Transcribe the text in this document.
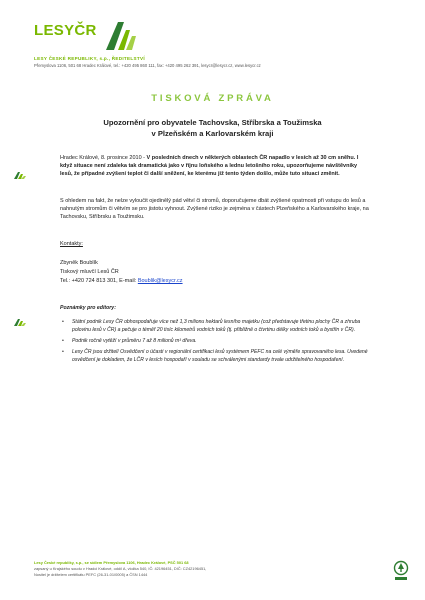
LESYČR
LESY ČESKÉ REPUBLIKY, s.p., ŘEDITELSTVÍ
Přemyslova 1106, 501 68 Hradec Králové, tel.: +420 495 860 111, fax: +420 495 262 391, lesycr@lesycr.cz, www.lesycr.cz
TISKOVÁ ZPRÁVA
Upozornění pro obyvatele Tachovska, Stříbrska a Toužimska
v Plzeňském a Karlovarském kraji
Hradec Králové, 8. prosince 2010 - V posledních dnech v některých oblastech ČR napadlo v lesích až 30 cm sněhu. I když situace není zdaleka tak dramatická jako v říjnu loňského a lednu letošního roku, upozorňujeme návštěvníky lesů, že případné zvýšení teplot či další sněžení, ke kterému již tento týden došlo, může tuto situaci změnit.
S ohledem na fakt, že nelze vyloučit ojedinělý pád větví či stromů, doporučujeme dbát zvýšené opatrnosti při vstupu do lesů a nahnutým stromům či větvím se pro jistotu vyhnout. Zvýšené riziko je zejména v částech Plzeňského a Karlovarského kraje, na Tachovsku, Stříbrsku a Toužimsku.
Kontakty:
Zbyněk Boublík
Tiskový mluvčí Lesů ČR
Tel.: +420 724 813 301, E-mail: Boublik@lesycr.cz
Poznámky pro editory:
• Státní podnik Lesy ČR obhospodařuje více než 1,3 milionu hektarů lesního majetku (což představuje třetinu plochy ČR a zhruba polovinu lesů v ČR) a pečuje o téměř 20 tisíc kilometrů vodních toků (tj. přibližně o čtvrtinu délky vodních toků a bystřin v ČR).
• Podnik ročně vytěží v průměru 7 až 8 milionů m³ dřeva.
• Lesy ČR jsou držitelí Osvědčení o účasti v regionální certifikaci lesů systémem PEFC na celé výměře spravovaného lesa. Uvedené osvědčení je dokladem, že LČR v lesích hospodaří v souladu se schválenými standardy trvale udržitelného hospodaření.
Lesy České republiky, s.p., se sídlem Přemyslova 1106, Hradec Králové, PSČ 501 68
zapsaný u Krajského soudu v Hradci Králové, oddíl A, vložka 540, IČ: 42196451, DIČ: CZ42196451,
Nositel je držitelem certifikátu PEFC (26-31-01/0005) a ČSN 1444
